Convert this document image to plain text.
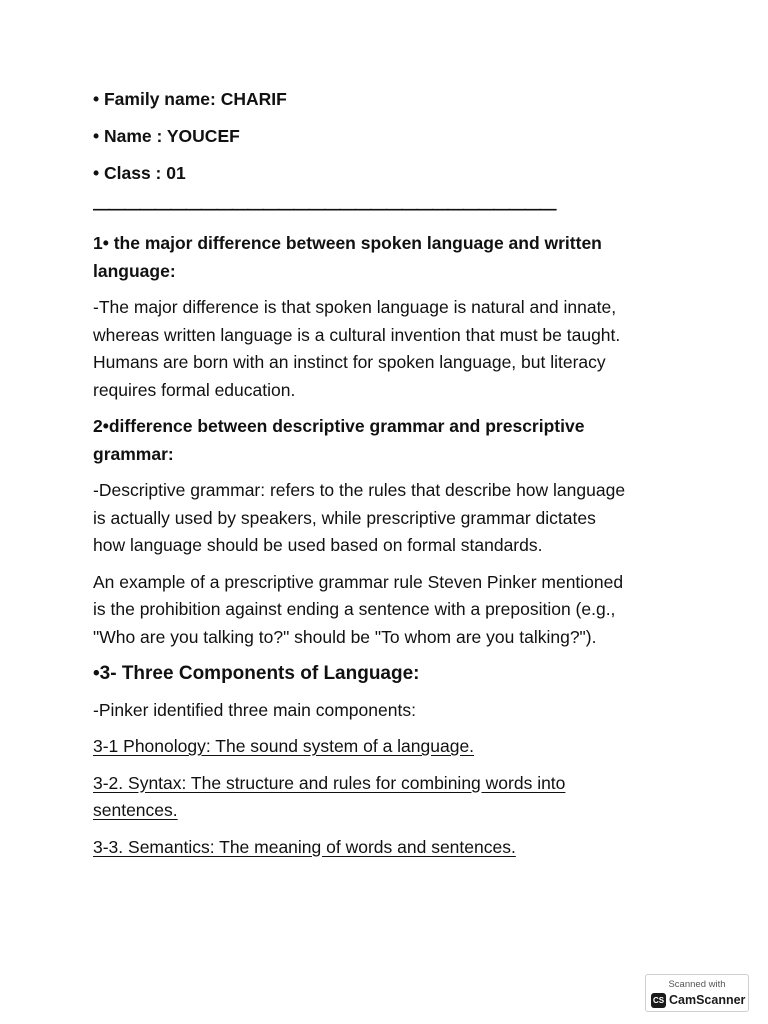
• Family name: CHARIF

• Name : YOUCEF

• Class : 01

——————————————————————————————

1• the major difference between spoken language and written

language:

-The major difference is that spoken language is natural and innate,

whereas written language is a cultural invention that must be taught.

Humans are born with an instinct for spoken language, but literacy

requires formal education.

2•difference between descriptive grammar and prescriptive

grammar:

-Descriptive grammar: refers to the rules that describe how language

is actually used by speakers, while prescriptive grammar dictates

how language should be used based on formal standards.

An example of a prescriptive grammar rule Steven Pinker mentioned

is the prohibition against ending a sentence with a preposition (e.g.,

"Who are you talking to?" should be "To whom are you talking?").

•3- Three Components of Language:

-Pinker identified three main components:

3-1 Phonology: The sound system of a language.

3-2. Syntax: The structure and rules for combining words into

sentences.

3-3. Semantics: The meaning of words and sentences.

Scanned with
CS CamScanner
